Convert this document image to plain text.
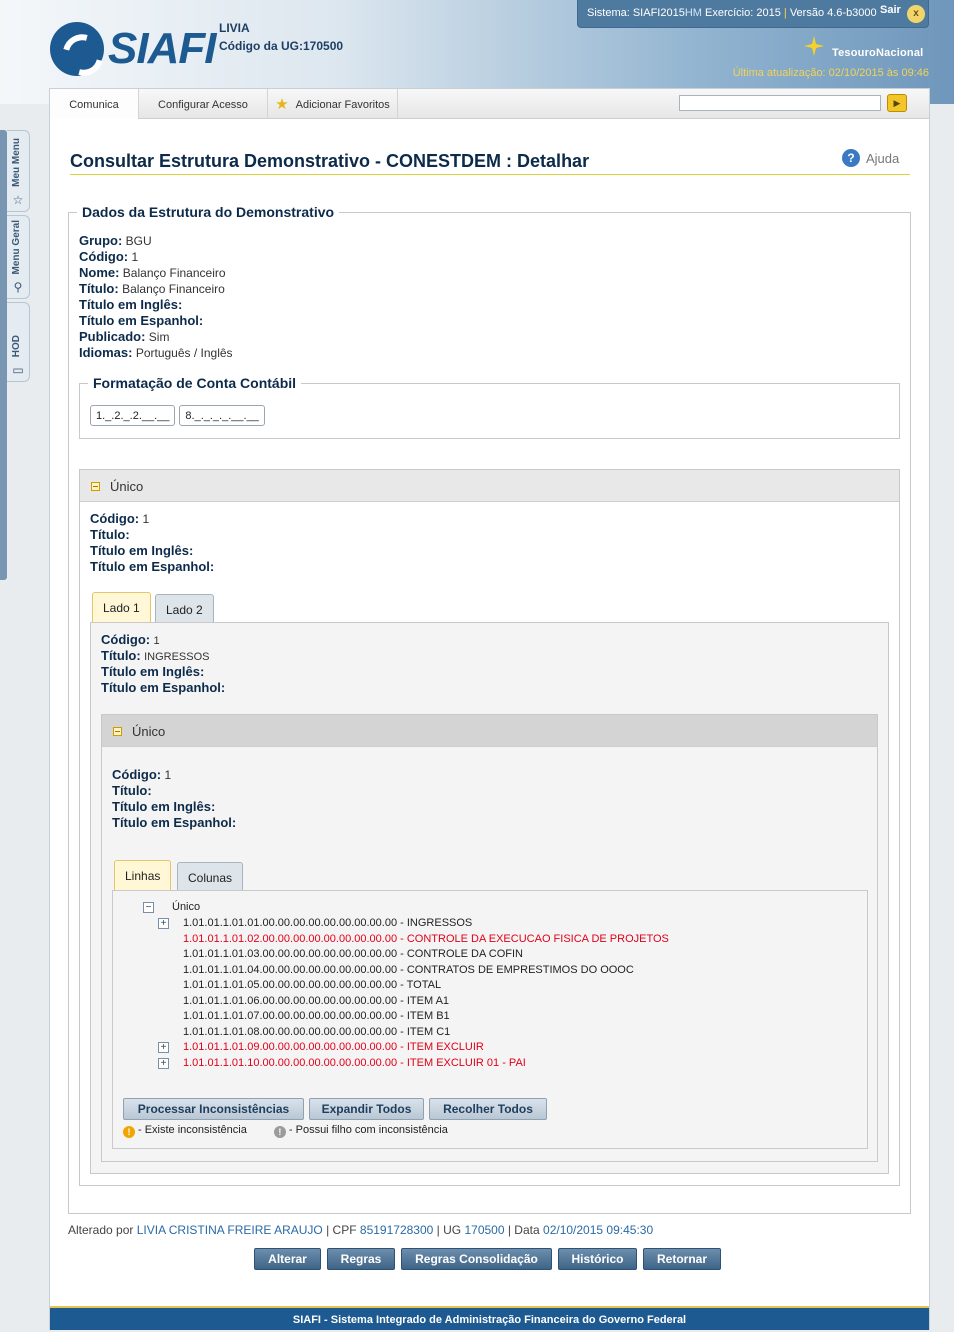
SIAFI LIVIA
Código da UG:170500
Sistema: SIAFI2015HM Exercício: 2015 | Versão 4.6-b3000 Sair	x
TesouroNacional
Última atualização: 02/10/2015 às 09:46
Meu Menu
☆
Menu Geral
⚲
HOD
▭
Comunica	Configurar Acesso	★ Adicionar Favoritos	▶
Consultar Estrutura Demonstrativo - CONESTDEM : Detalhar	? Ajuda
Dados da Estrutura do Demonstrativo
Grupo: BGU
Código: 1
Nome: Balanço Financeiro
Título: Balanço Financeiro
Título em Inglês:
Título em Espanhol:
Publicado: Sim
Idiomas: Português / Inglês
Formatação de Conta Contábil
1._.2._.2.__.__ 8._._._._.__.__
Único
Código: 1
Título:
Título em Inglês:
Título em Espanhol:
Lado 1	Lado 2
Código: 1
Título: INGRESSOS
Título em Inglês:
Título em Espanhol:
Único
Código: 1
Título:
Título em Inglês:
Título em Espanhol:
Linhas	Colunas
− Único
+ 1.01.01.1.01.01.00.00.00.00.00.00.00.00.00 - INGRESSOS
1.01.01.1.01.02.00.00.00.00.00.00.00.00.00 - CONTROLE DA EXECUCAO FISICA DE PROJETOS
1.01.01.1.01.03.00.00.00.00.00.00.00.00.00 - CONTROLE DA COFIN
1.01.01.1.01.04.00.00.00.00.00.00.00.00.00 - CONTRATOS DE EMPRESTIMOS DO OOOC
1.01.01.1.01.05.00.00.00.00.00.00.00.00.00 - TOTAL
1.01.01.1.01.06.00.00.00.00.00.00.00.00.00 - ITEM A1
1.01.01.1.01.07.00.00.00.00.00.00.00.00.00 - ITEM B1
1.01.01.1.01.08.00.00.00.00.00.00.00.00.00 - ITEM C1
+ 1.01.01.1.01.09.00.00.00.00.00.00.00.00.00 - ITEM EXCLUIR
+ 1.01.01.1.01.10.00.00.00.00.00.00.00.00.00 - ITEM EXCLUIR 01 - PAI
Processar Inconsistências	Expandir Todos	Recolher Todos
! - Existe inconsistência	! - Possui filho com inconsistência
Alterado por LIVIA CRISTINA FREIRE ARAUJO | CPF 85191728300 | UG 170500 | Data 02/10/2015 09:45:30
Alterar	Regras	Regras Consolidação	Histórico	Retornar
SIAFI - Sistema Integrado de Administração Financeira do Governo Federal
